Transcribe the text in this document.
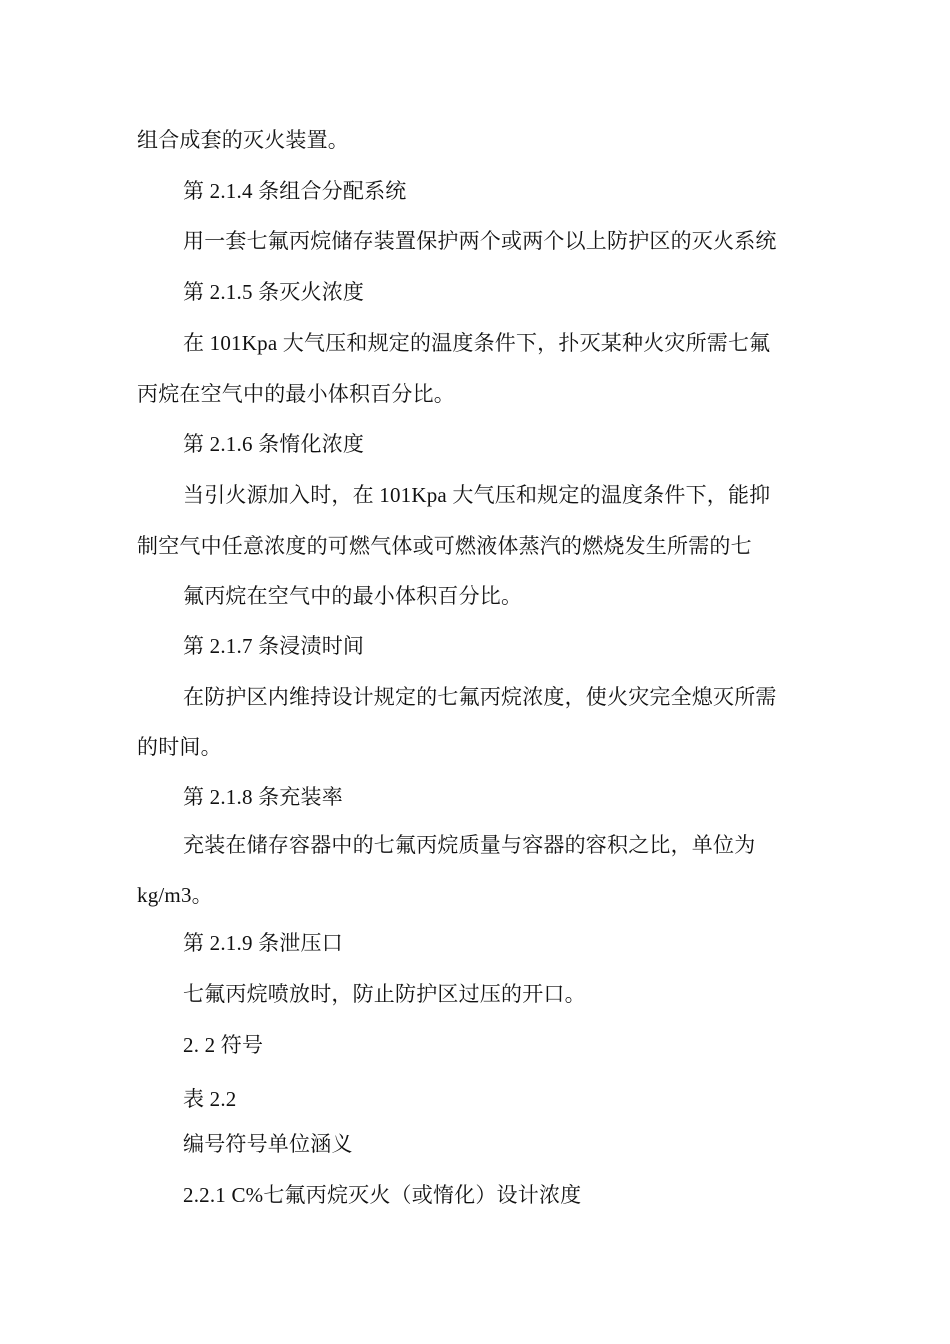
组合成套的灭火装置。
第 2.1.4 条组合分配系统
用一套七氟丙烷储存装置保护两个或两个以上防护区的灭火系统
第 2.1.5 条灭火浓度
在 101Kpa 大气压和规定的温度条件下，扑灭某种火灾所需七氟
丙烷在空气中的最小体积百分比。
第 2.1.6 条惰化浓度
当引火源加入时，在 101Kpa 大气压和规定的温度条件下，能抑
制空气中任意浓度的可燃气体或可燃液体蒸汽的燃烧发生所需的七
氟丙烷在空气中的最小体积百分比。
第 2.1.7 条浸渍时间
在防护区内维持设计规定的七氟丙烷浓度，使火灾完全熄灭所需
的时间。
第 2.1.8 条充装率
充装在储存容器中的七氟丙烷质量与容器的容积之比，单位为
kg/m3。
第 2.1.9 条泄压口
七氟丙烷喷放时，防止防护区过压的开口。
2. 2 符号
表 2.2
编号符号单位涵义
2.2.1 C%七氟丙烷灭火（或惰化）设计浓度
